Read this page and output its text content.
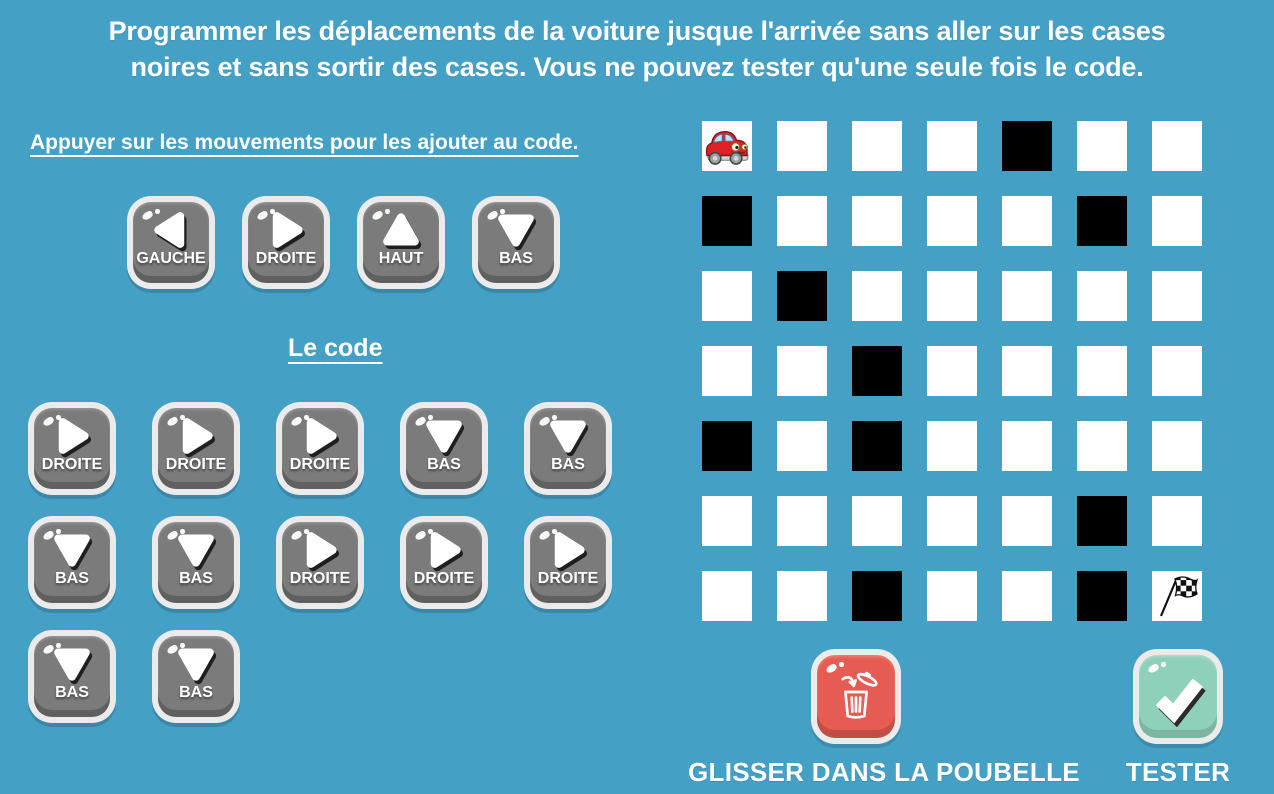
Programmer les déplacements de la voiture jusque l'arrivée sans aller sur les cases
noires et sans sortir des cases. Vous ne pouvez tester qu'une seule fois le code.
Appuyer sur les mouvements pour les ajouter au code.
GAUCHE	DROITE	HAUT	BAS
Le code
DROITE	DROITE	DROITE	BAS	BAS
BAS	BAS	DROITE	DROITE	DROITE
BAS	BAS
GLISSER DANS LA POUBELLE	TESTER
